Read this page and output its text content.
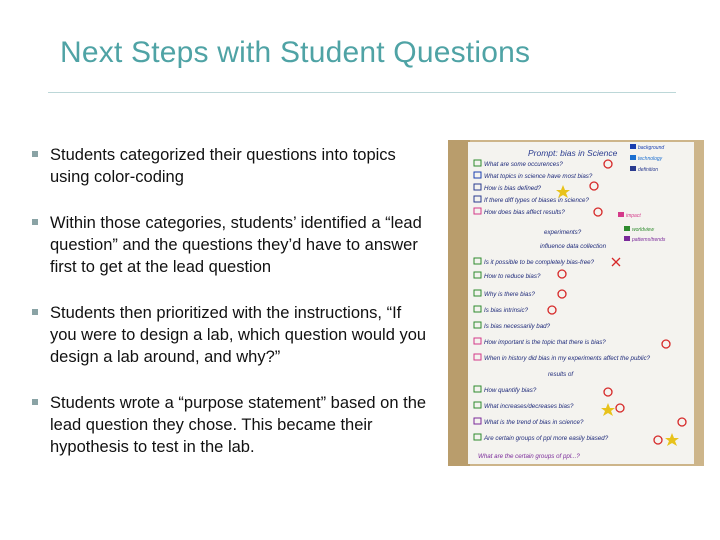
Next Steps with Student Questions
Students categorized their questions into topics using color-coding
Within those categories, students’ identified a “lead question” and the questions they’d have to answer first to get at the lead question
Students then prioritized with the instructions, “If you were to design a lab, which question would you design a lab around, and why?”
Students wrote a “purpose statement” based on the lead question they chose. This became their hypothesis to test in the lab.
Prompt: bias in Science	background
technology
definition
impact
worldview
patterns/trends
What are some occurences?
What topics in science have most bias?
How is bias defined?
If there diff types of biases in science?
How does bias affect results?
influence data collection
experiments?
Is it possible to be completely bias-free?
How to reduce bias?
Why is there bias?
Is bias intrinsic?
Is bias necessarily bad?
How important is the topic that there is bias?
When in history did bias in my experiments affect the public?
results of
How quantify bias?
What increases/decreases bias?
What is the trend of bias in science?
Are certain groups of ppl more easily biased?
What are the certain groups of ppl...?
